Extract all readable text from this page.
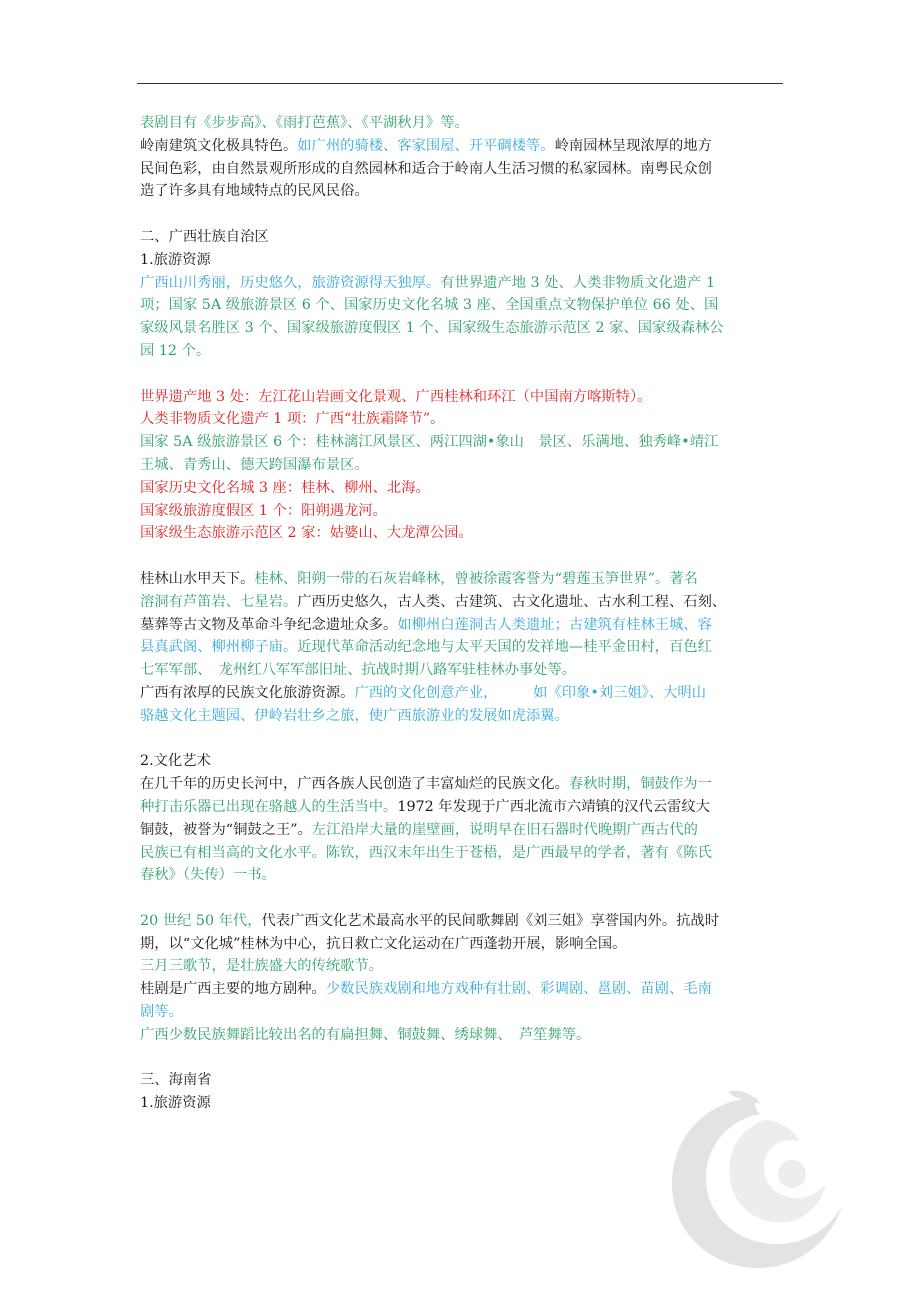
表剧目有《步步高》、《雨打芭蕉》、《平湖秋月》等。
岭南建筑文化极具特色。如广州的骑楼、客家围屋、开平碉楼等。岭南园林呈现浓厚的地方
民间色彩，由自然景观所形成的自然园林和适合于岭南人生活习惯的私家园林。南粤民众创
造了许多具有地域特点的民风民俗。
二、广西壮族自治区
1.旅游资源
广西山川秀丽，历史悠久，旅游资源得天独厚。有世界遗产地 3 处、人类非物质文化遗产 1
项；国家 5A 级旅游景区 6 个、国家历史文化名城 3 座、全国重点文物保护单位 66 处、国
家级风景名胜区 3 个、国家级旅游度假区 1 个、国家级生态旅游示范区 2 家、国家级森林公
园 12 个。
世界遗产地 3 处：左江花山岩画文化景观、广西桂林和环江（中国南方喀斯特）。
人类非物质文化遗产 1 项：广西“壮族霜降节”。
国家 5A 级旅游景区 6 个：桂林漓江风景区、两江四湖•象山　景区、乐满地、独秀峰•靖江
王城、青秀山、德天跨国瀑布景区。
国家历史文化名城 3 座：桂林、柳州、北海。
国家级旅游度假区 1 个：阳朔遇龙河。
国家级生态旅游示范区 2 家：姑婆山、大龙潭公园。
桂林山水甲天下。桂林、阳朔一带的石灰岩峰林，曾被徐霞客誉为“碧莲玉笋世界”。著名
溶洞有芦笛岩、七星岩。广西历史悠久，古人类、古建筑、古文化遗址、古水利工程、石刻、
墓葬等古文物及革命斗争纪念遗址众多。如柳州白莲洞古人类遗址；古建筑有桂林王城、容
县真武阁、柳州柳子庙。近现代革命活动纪念地与太平天国的发祥地—桂平金田村，百色红
七军军部、　龙州红八军军部旧址、抗战时期八路军驻桂林办事处等。
广西有浓厚的民族文化旅游资源。广西的文化创意产业，　　　如《印象•刘三姐》、大明山
骆越文化主题园、伊岭岩壮乡之旅，使广西旅游业的发展如虎添翼。
2.文化艺术
在几千年的历史长河中，广西各族人民创造了丰富灿烂的民族文化。春秋时期，铜鼓作为一
种打击乐器已出现在骆越人的生活当中。1972 年发现于广西北流市六靖镇的汉代云雷纹大
铜鼓，被誉为“铜鼓之王”。左江沿岸大量的崖壁画，说明早在旧石器时代晚期广西古代的
民族已有相当高的文化水平。陈钦，西汉末年出生于苍梧，是广西最早的学者，著有《陈氏
春秋》（失传）一书。
20 世纪 50 年代，代表广西文化艺术最高水平的民间歌舞剧《刘三姐》享誉国内外。抗战时
期，以“文化城”桂林为中心，抗日救亡文化运动在广西蓬勃开展，影响全国。
三月三歌节，是壮族盛大的传统歌节。
桂剧是广西主要的地方剧种。少数民族戏剧和地方戏种有壮剧、彩调剧、邕剧、苗剧、毛南
剧等。
广西少数民族舞蹈比较出名的有扁担舞、铜鼓舞、绣球舞、　芦笙舞等。
三、海南省
1.旅游资源
